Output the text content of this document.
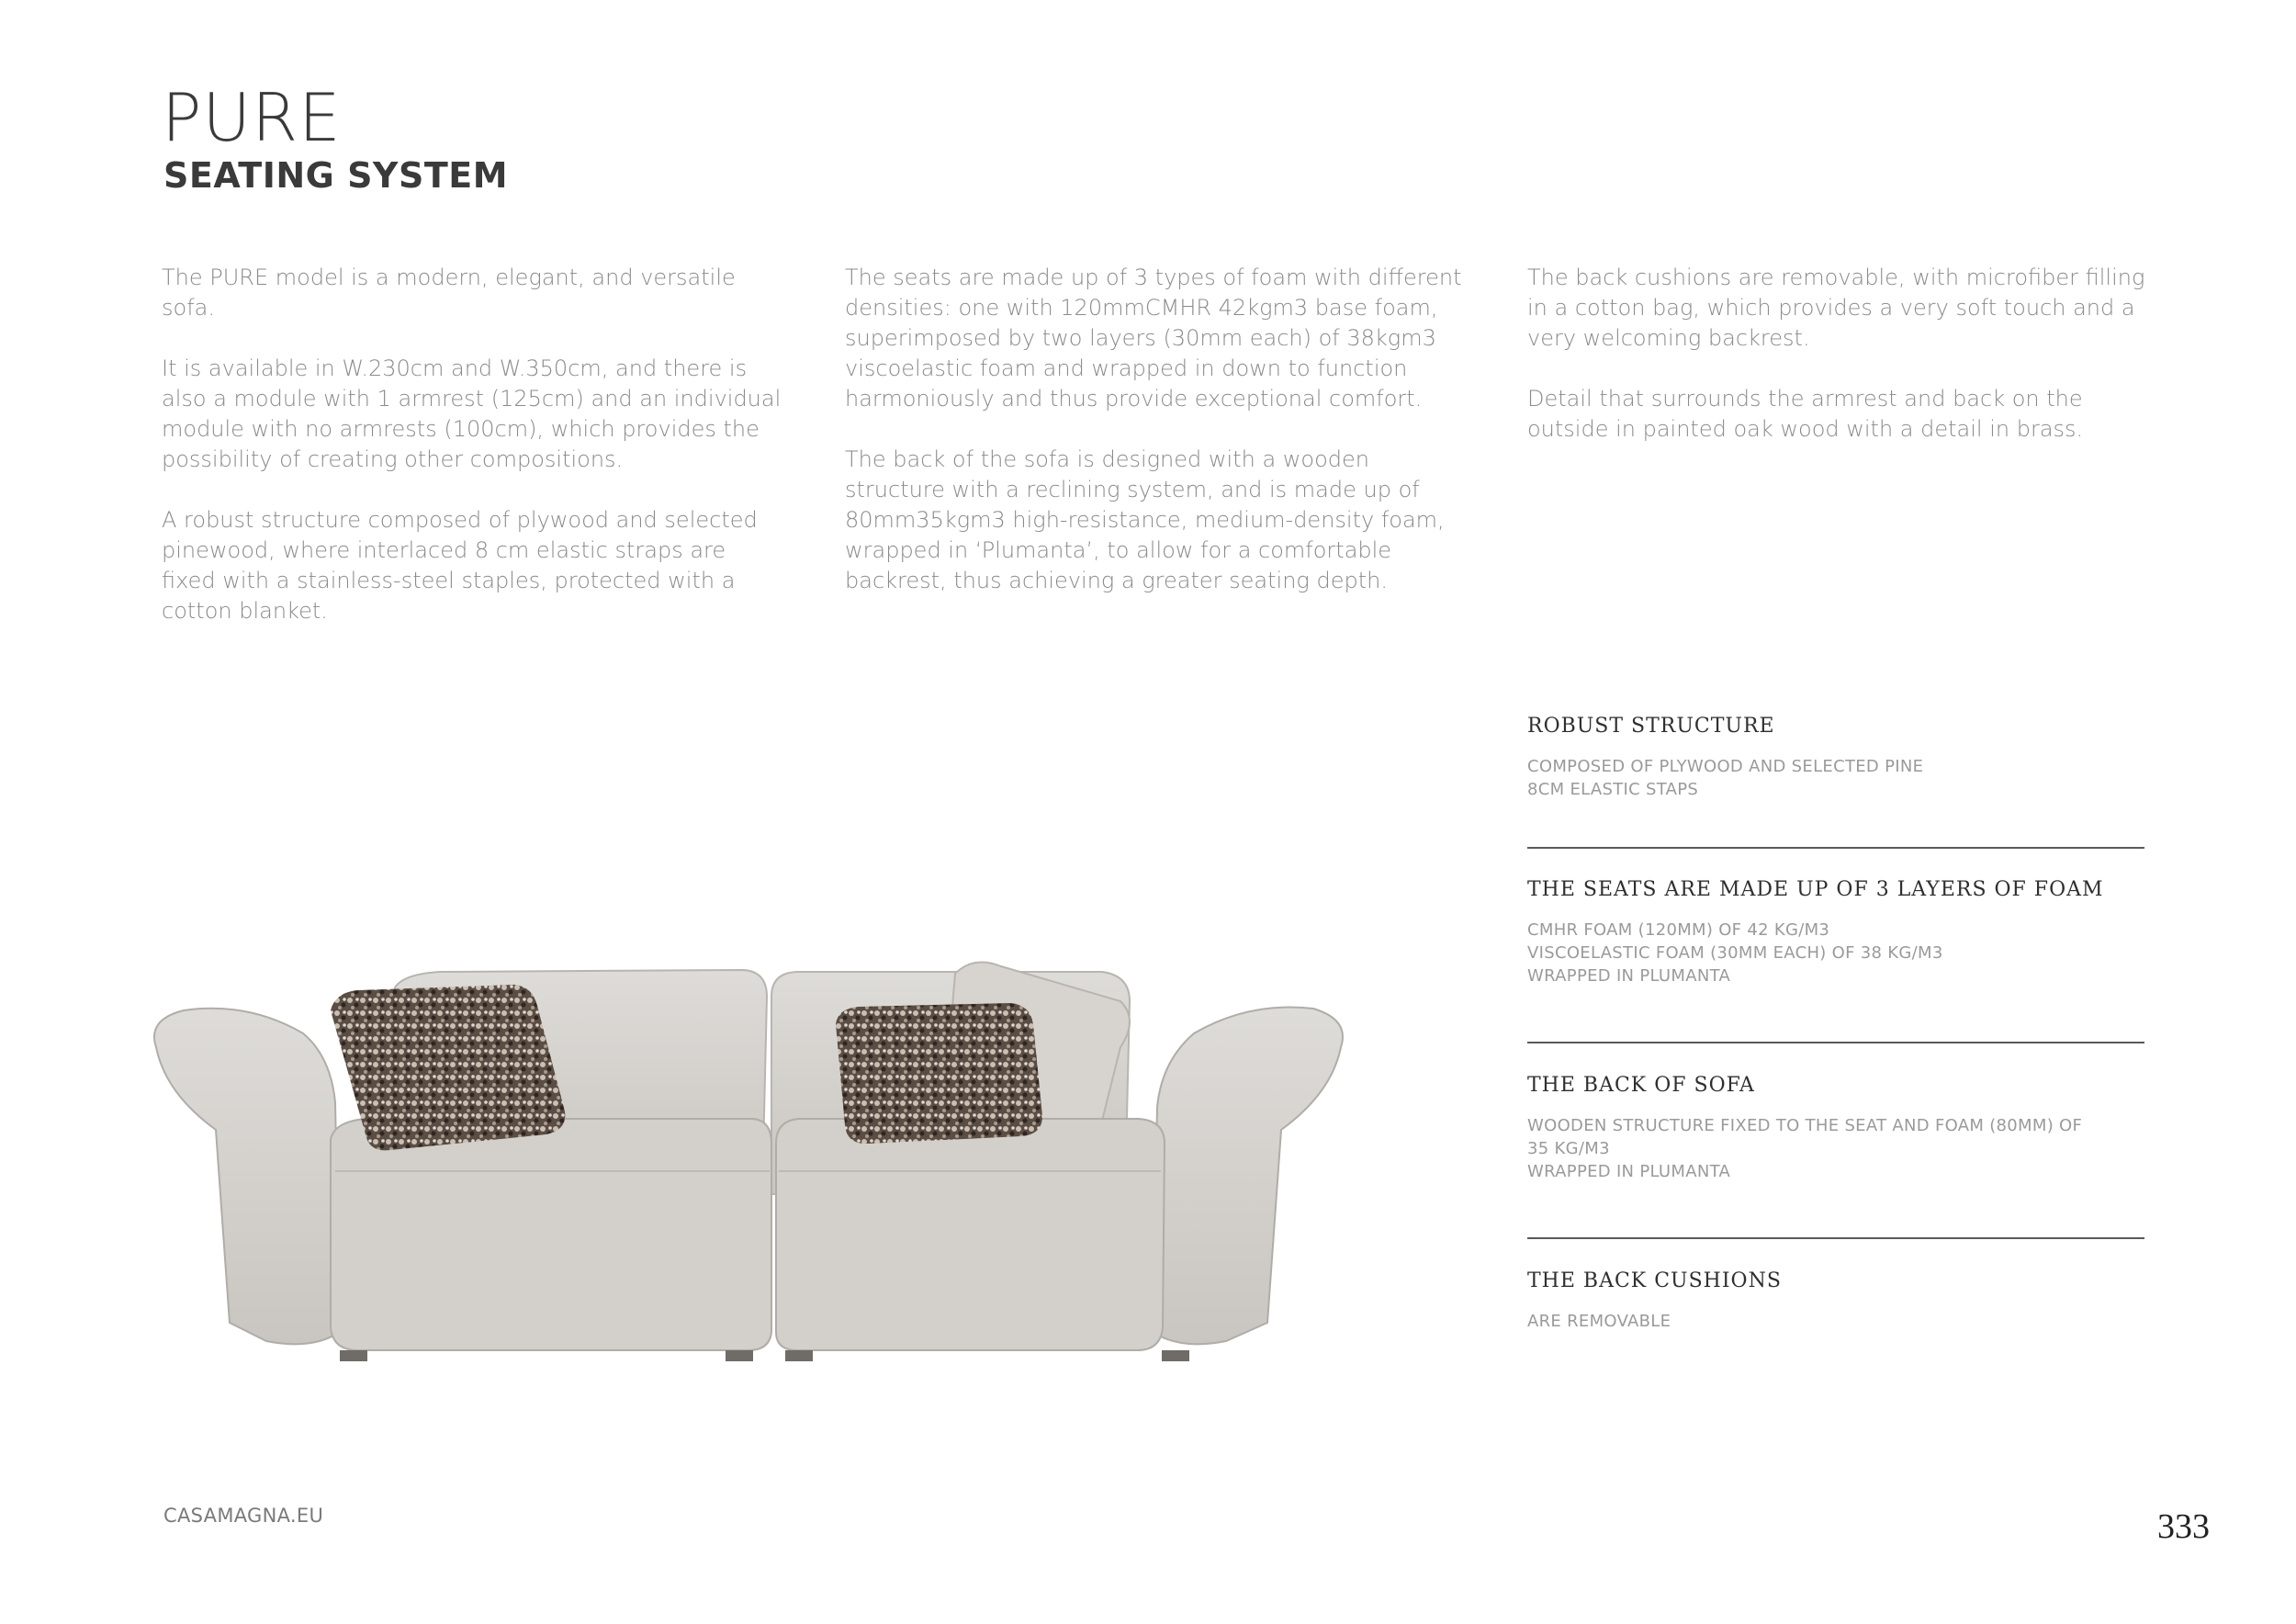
PURE
SEATING SYSTEM

The PURE model is a modern, elegant, and versatile sofa.

It is available in W.230cm and W.350cm, and there is also a module with 1 armrest (125cm) and an individual module with no armrests (100cm), which provides the possibility of creating other compositions.

A robust structure composed of plywood and selected pinewood, where interlaced 8 cm elastic straps are fixed with a stainless-steel staples, protected with a cotton blanket.

The seats are made up of 3 types of foam with different densities: one with 120mmCMHR 42kgm3 base foam, superimposed by two layers (30mm each) of 38kgm3 viscoelastic foam and wrapped in down to function harmoniously and thus provide exceptional comfort.

The back of the sofa is designed with a wooden structure with a reclining system, and is made up of 80mm35kgm3 high-resistance, medium-density foam, wrapped in ‘Plumanta’, to allow for a comfortable backrest, thus achieving a greater seating depth.

The back cushions are removable, with microfiber filling in a cotton bag, which provides a very soft touch and a very welcoming backrest.

Detail that surrounds the armrest and back on the outside in painted oak wood with a detail in brass.

ROBUST STRUCTURE
COMPOSED OF PLYWOOD AND SELECTED PINE
8CM ELASTIC STAPS
THE SEATS ARE MADE UP OF 3 LAYERS OF FOAM
CMHR FOAM (120MM) OF 42 KG/M3
VISCOELASTIC FOAM (30MM EACH) OF 38 KG/M3
WRAPPED IN PLUMANTA
THE BACK OF SOFA
WOODEN STRUCTURE FIXED TO THE SEAT AND FOAM (80MM) OF
35 KG/M3
WRAPPED IN PLUMANTA
THE BACK CUSHIONS
ARE REMOVABLE
CASAMAGNA.EU	333
